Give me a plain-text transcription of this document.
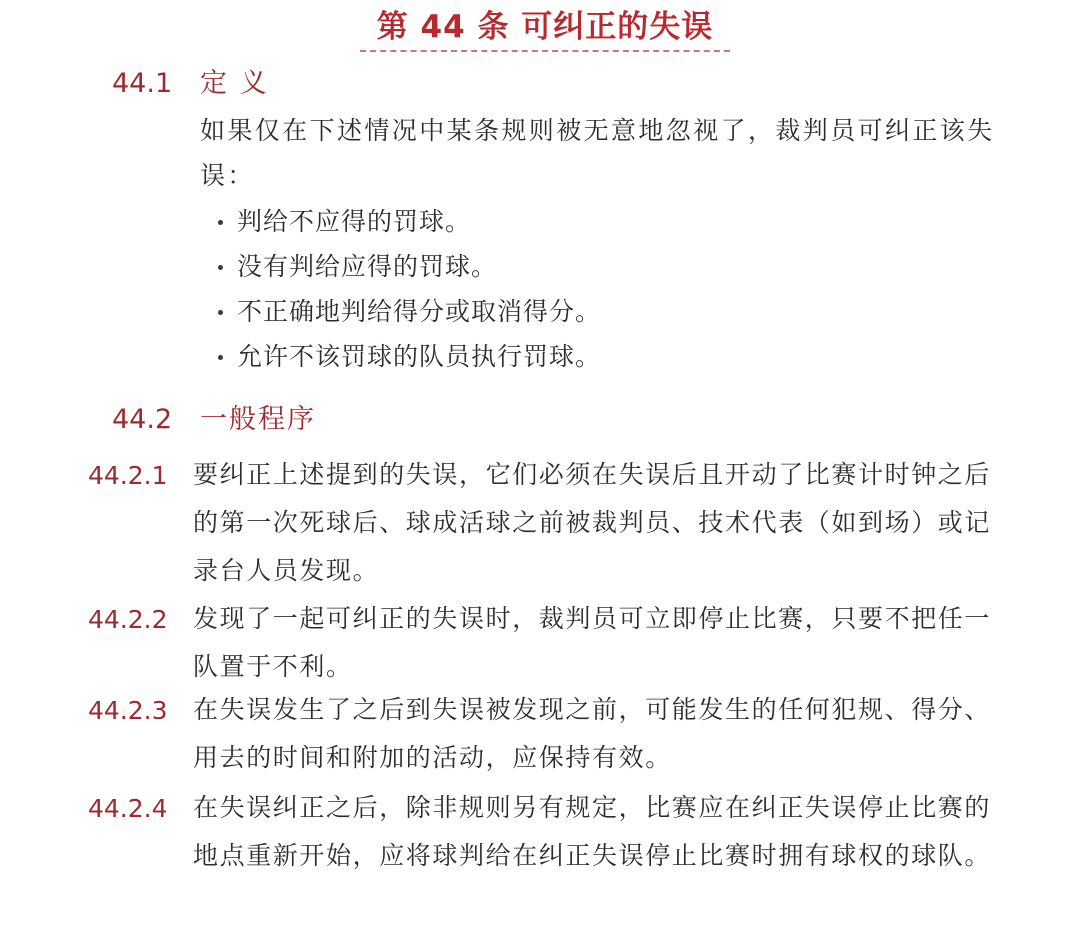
第 44 条 可纠正的失误
44.1 定 义
如果仅在下述情况中某条规则被无意地忽视了，裁判员可纠正该失误：
判给不应得的罚球。
没有判给应得的罚球。
不正确地判给得分或取消得分。
允许不该罚球的队员执行罚球。
44.2 一般程序
44.2.1 要纠正上述提到的失误，它们必须在失误后且开动了比赛计时钟之后的第一次死球后、球成活球之前被裁判员、技术代表（如到场）或记录台人员发现。
44.2.2 发现了一起可纠正的失误时，裁判员可立即停止比赛，只要不把任一队置于不利。
44.2.3 在失误发生了之后到失误被发现之前，可能发生的任何犯规、得分、用去的时间和附加的活动，应保持有效。
44.2.4 在失误纠正之后，除非规则另有规定，比赛应在纠正失误停止比赛的地点重新开始，应将球判给在纠正失误停止比赛时拥有球权的球队。
